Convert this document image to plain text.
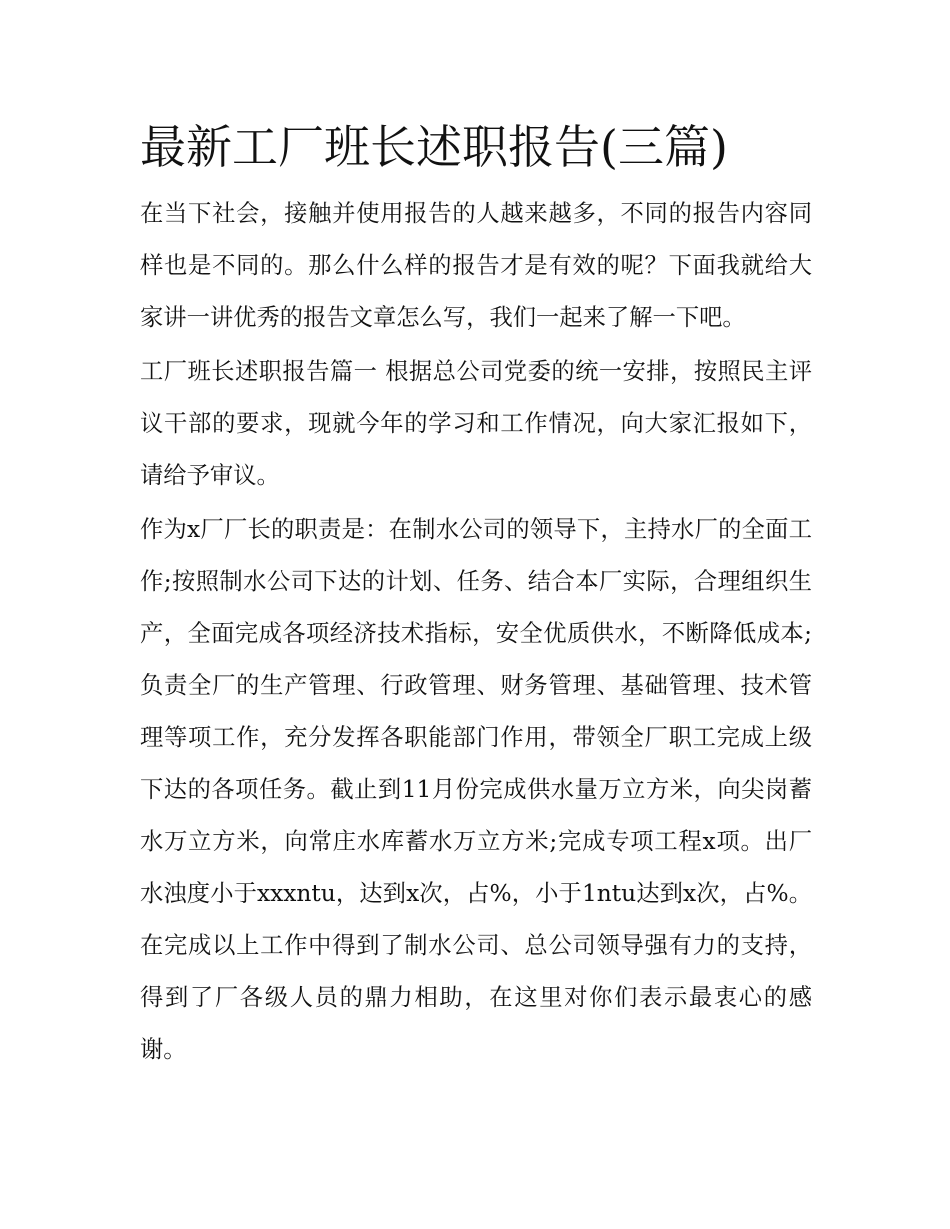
最新工厂班长述职报告(三篇)

在当下社会，接触并使用报告的人越来越多，不同的报告内容同样也是不同的。那么什么样的报告才是有效的呢？下面我就给大家讲一讲优秀的报告文章怎么写，我们一起来了解一下吧。

工厂班长述职报告篇一 根据总公司党委的统一安排，按照民主评议干部的要求，现就今年的学习和工作情况，向大家汇报如下，请给予审议。

作为x厂厂长的职责是：在制水公司的领导下，主持水厂的全面工作;按照制水公司下达的计划、任务、结合本厂实际，合理组织生产，全面完成各项经济技术指标，安全优质供水，不断降低成本;负责全厂的生产管理、行政管理、财务管理、基础管理、技术管理等项工作，充分发挥各职能部门作用，带领全厂职工完成上级下达的各项任务。截止到11月份完成供水量万立方米，向尖岗蓄水万立方米，向常庄水库蓄水万立方米;完成专项工程x项。出厂水浊度小于xxxntu，达到x次，占%，小于1ntu达到x次，占%。在完成以上工作中得到了制水公司、总公司领导强有力的支持，得到了厂各级人员的鼎力相助，在这里对你们表示最衷心的感谢。
